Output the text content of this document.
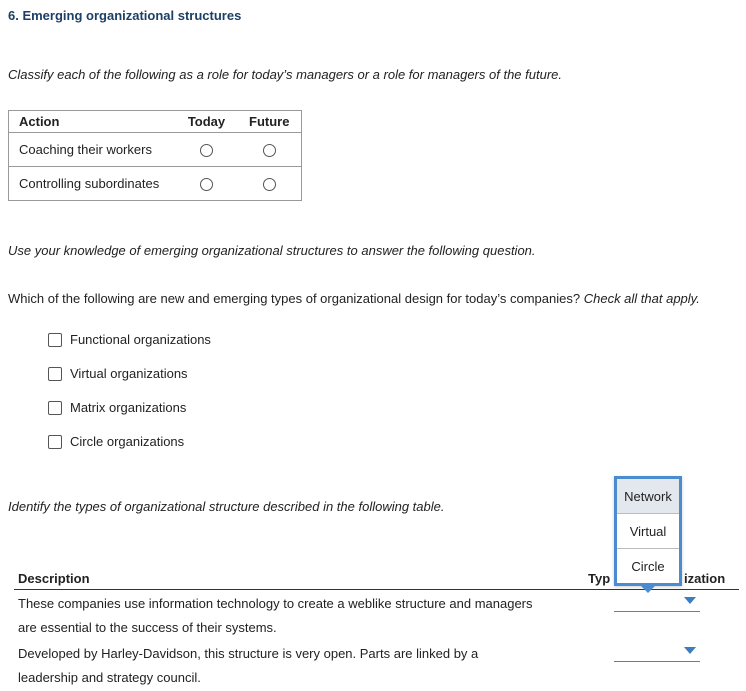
6. Emerging organizational structures
Classify each of the following as a role for today’s managers or a role for managers of the future.
Action	Today	Future
Coaching their workers		
Controlling subordinates		
Use your knowledge of emerging organizational structures to answer the following question.
Which of the following are new and emerging types of organizational design for today’s companies? Check all that apply.
Functional organizations
Virtual organizations
Matrix organizations
Circle organizations
Identify the types of organizational structure described in the following table.
Description	Typ	ization
These companies use information technology to create a weblike structure and managers
are essential to the success of their systems.
Developed by Harley-Davidson, this structure is very open. Parts are linked by a
leadership and strategy council.
Network
Virtual
Circle
